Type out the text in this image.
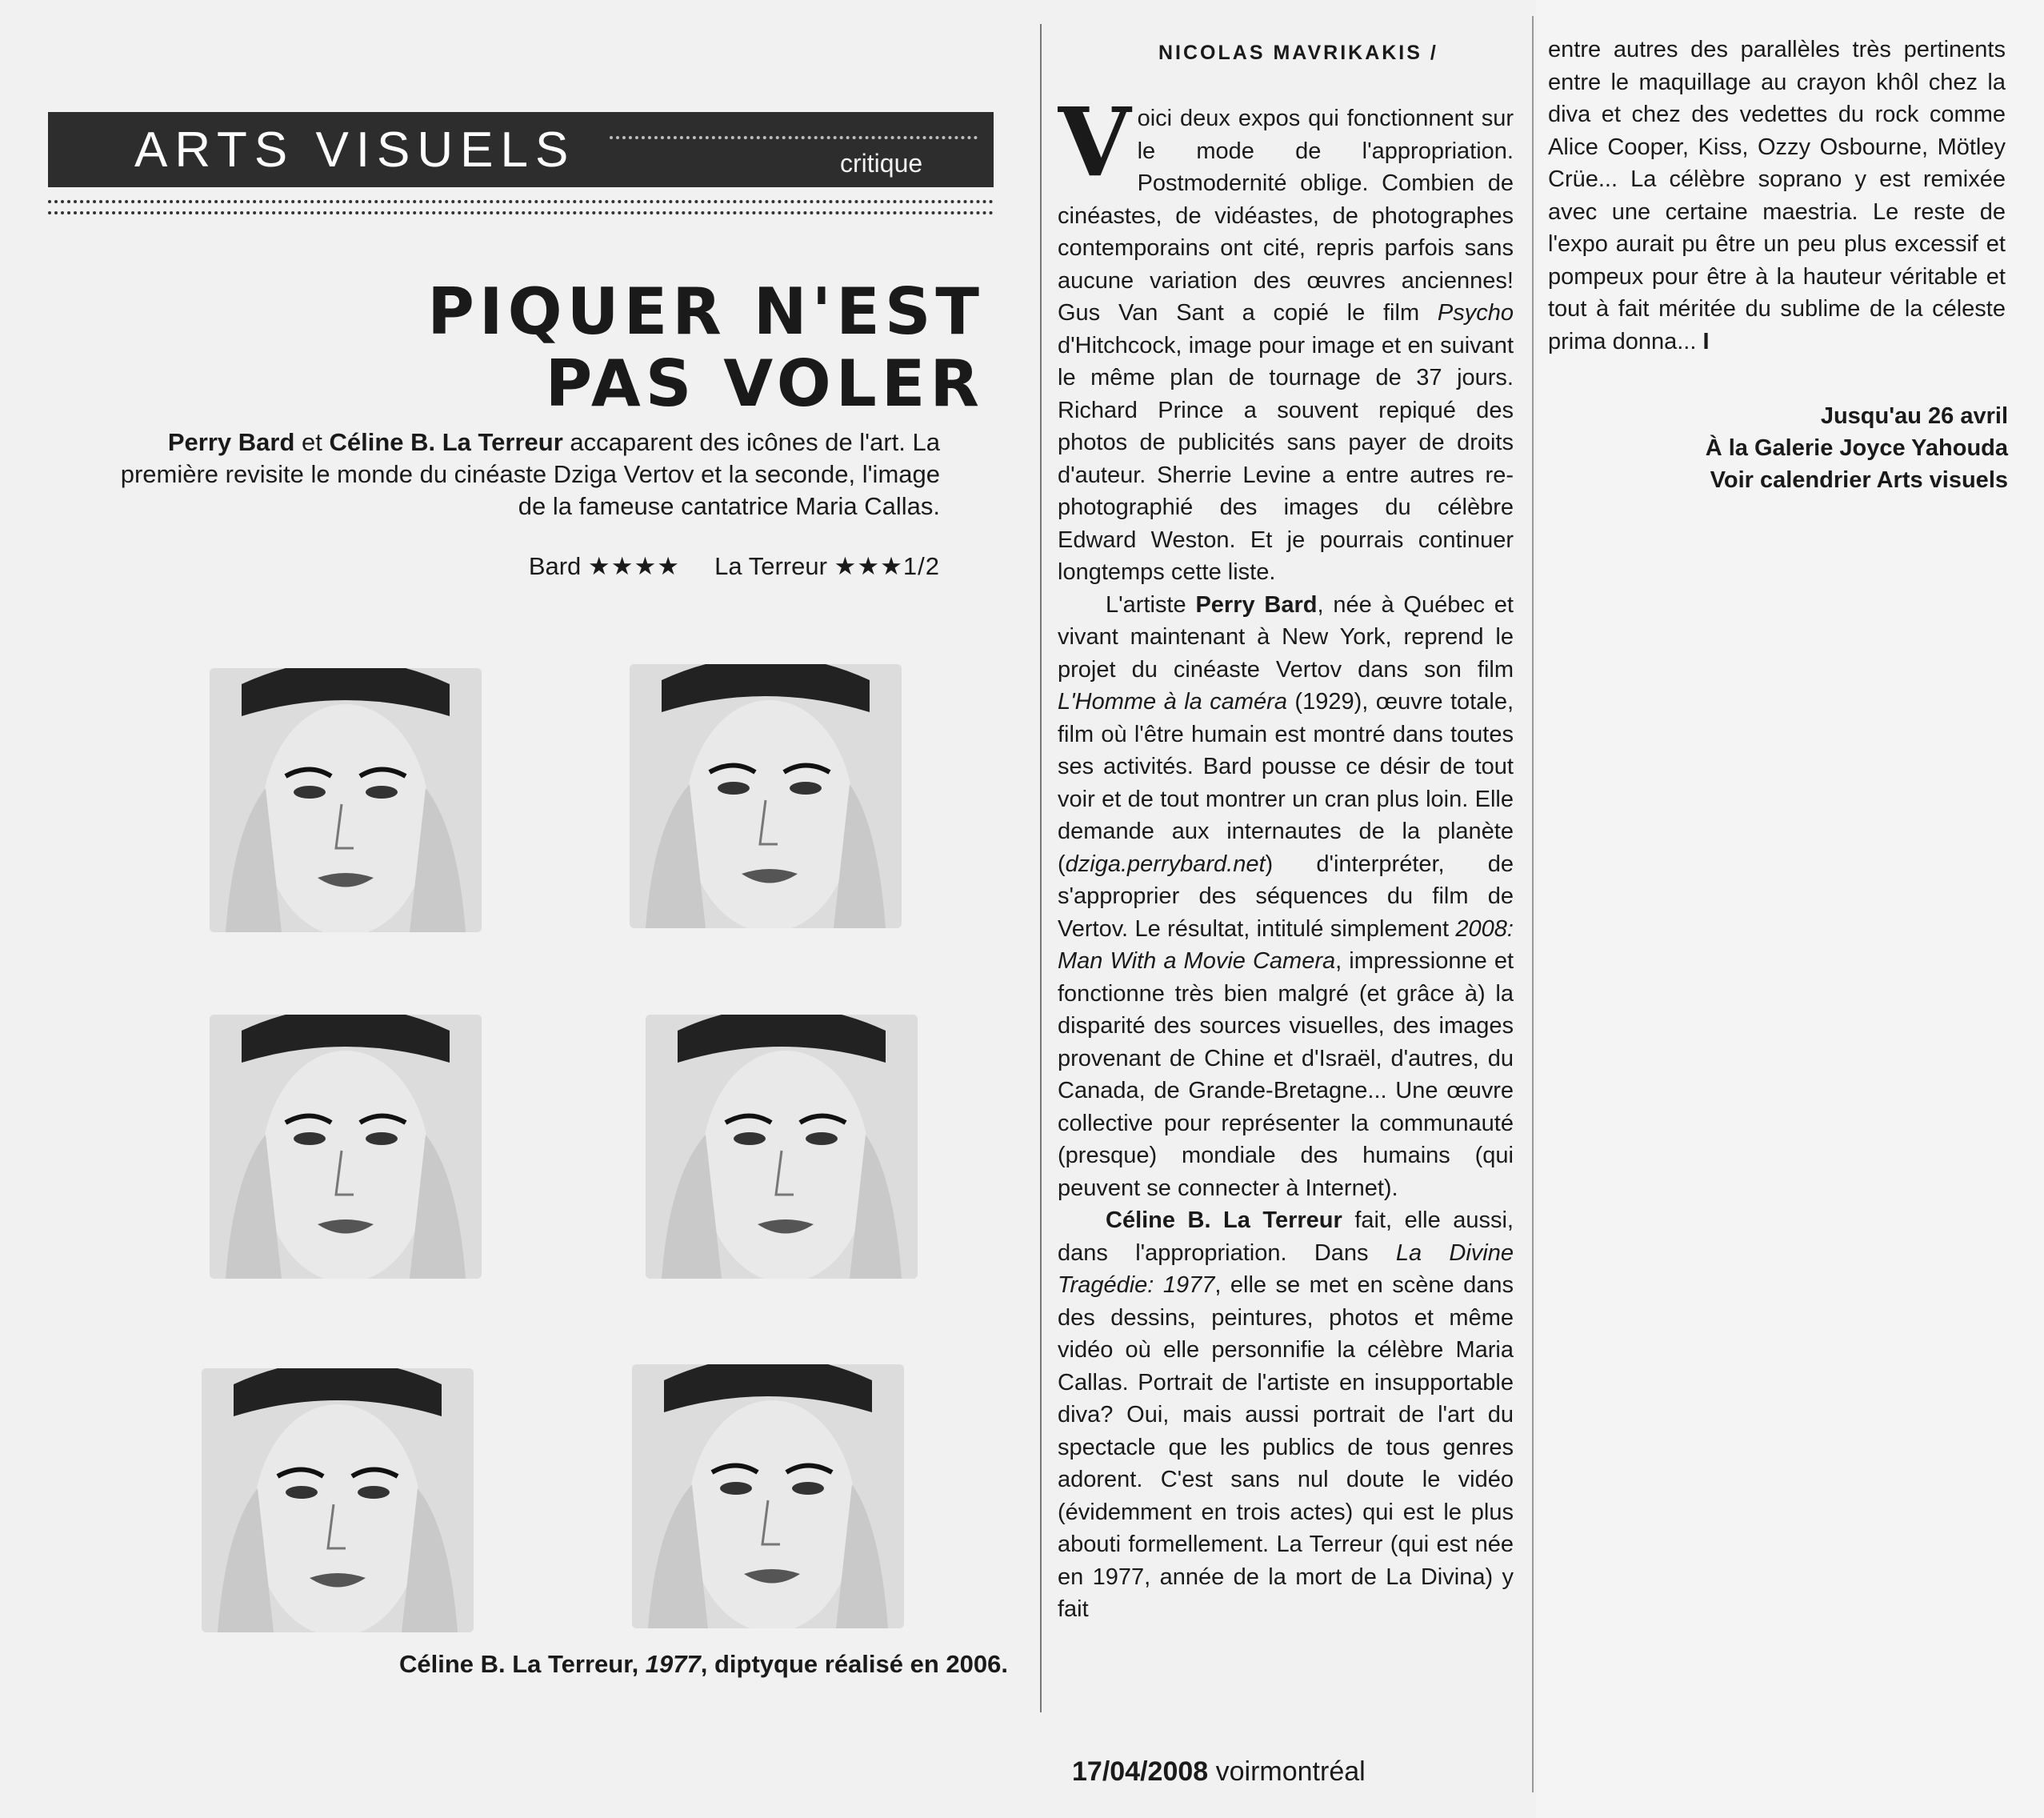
ARTS VISUELS	critique
PIQUER N'EST
PAS VOLER
Perry Bard et Céline B. La Terreur accaparent des icônes de l'art. La première revisite le monde du cinéaste Dziga Vertov et la seconde, l'image de la fameuse cantatrice Maria Callas.
Bard ★★★★ La Terreur ★★★1/2
Céline B. La Terreur, 1977, diptyque réalisé en 2006.
NICOLAS MAVRIKAKIS /

Voici deux expos qui fonctionnent sur le mode de l'appropriation. Postmodernité oblige. Combien de cinéastes, de vidéastes, de photographes contemporains ont cité, repris parfois sans aucune variation des œuvres anciennes! Gus Van Sant a copié le film Psycho d'Hitchcock, image pour image et en suivant le même plan de tournage de 37 jours. Richard Prince a souvent repiqué des photos de publicités sans payer de droits d'auteur. Sherrie Levine a entre autres re-photographié des images du célèbre Edward Weston. Et je pourrais continuer longtemps cette liste.

L'artiste Perry Bard, née à Québec et vivant maintenant à New York, reprend le projet du cinéaste Vertov dans son film L'Homme à la caméra (1929), œuvre totale, film où l'être humain est montré dans toutes ses activités. Bard pousse ce désir de tout voir et de tout montrer un cran plus loin. Elle demande aux internautes de la planète (dziga.perrybard.net) d'interpréter, de s'approprier des séquences du film de Vertov. Le résultat, intitulé simplement 2008: Man With a Movie Camera, impressionne et fonctionne très bien malgré (et grâce à) la disparité des sources visuelles, des images provenant de Chine et d'Israël, d'autres, du Canada, de Grande-Bretagne... Une œuvre collective pour représenter la communauté (presque) mondiale des humains (qui peuvent se connecter à Internet).

Céline B. La Terreur fait, elle aussi, dans l'appropriation. Dans La Divine Tragédie: 1977, elle se met en scène dans des dessins, peintures, photos et même vidéo où elle personnifie la célèbre Maria Callas. Portrait de l'artiste en insupportable diva? Oui, mais aussi portrait de l'art du spectacle que les publics de tous genres adorent. C'est sans nul doute le vidéo (évidemment en trois actes) qui est le plus abouti formellement. La Terreur (qui est née en 1977, année de la mort de La Divina) y fait

entre autres des parallèles très pertinents entre le maquillage au crayon khôl chez la diva et chez des vedettes du rock comme Alice Cooper, Kiss, Ozzy Osbourne, Mötley Crüe... La célèbre soprano y est remixée avec une certaine maestria. Le reste de l'expo aurait pu être un peu plus excessif et pompeux pour être à la hauteur véritable et tout à fait méritée du sublime de la céleste prima donna... I

Jusqu'au 26 avril
À la Galerie Joyce Yahouda
Voir calendrier Arts visuels
17/04/2008 voirmontréal
